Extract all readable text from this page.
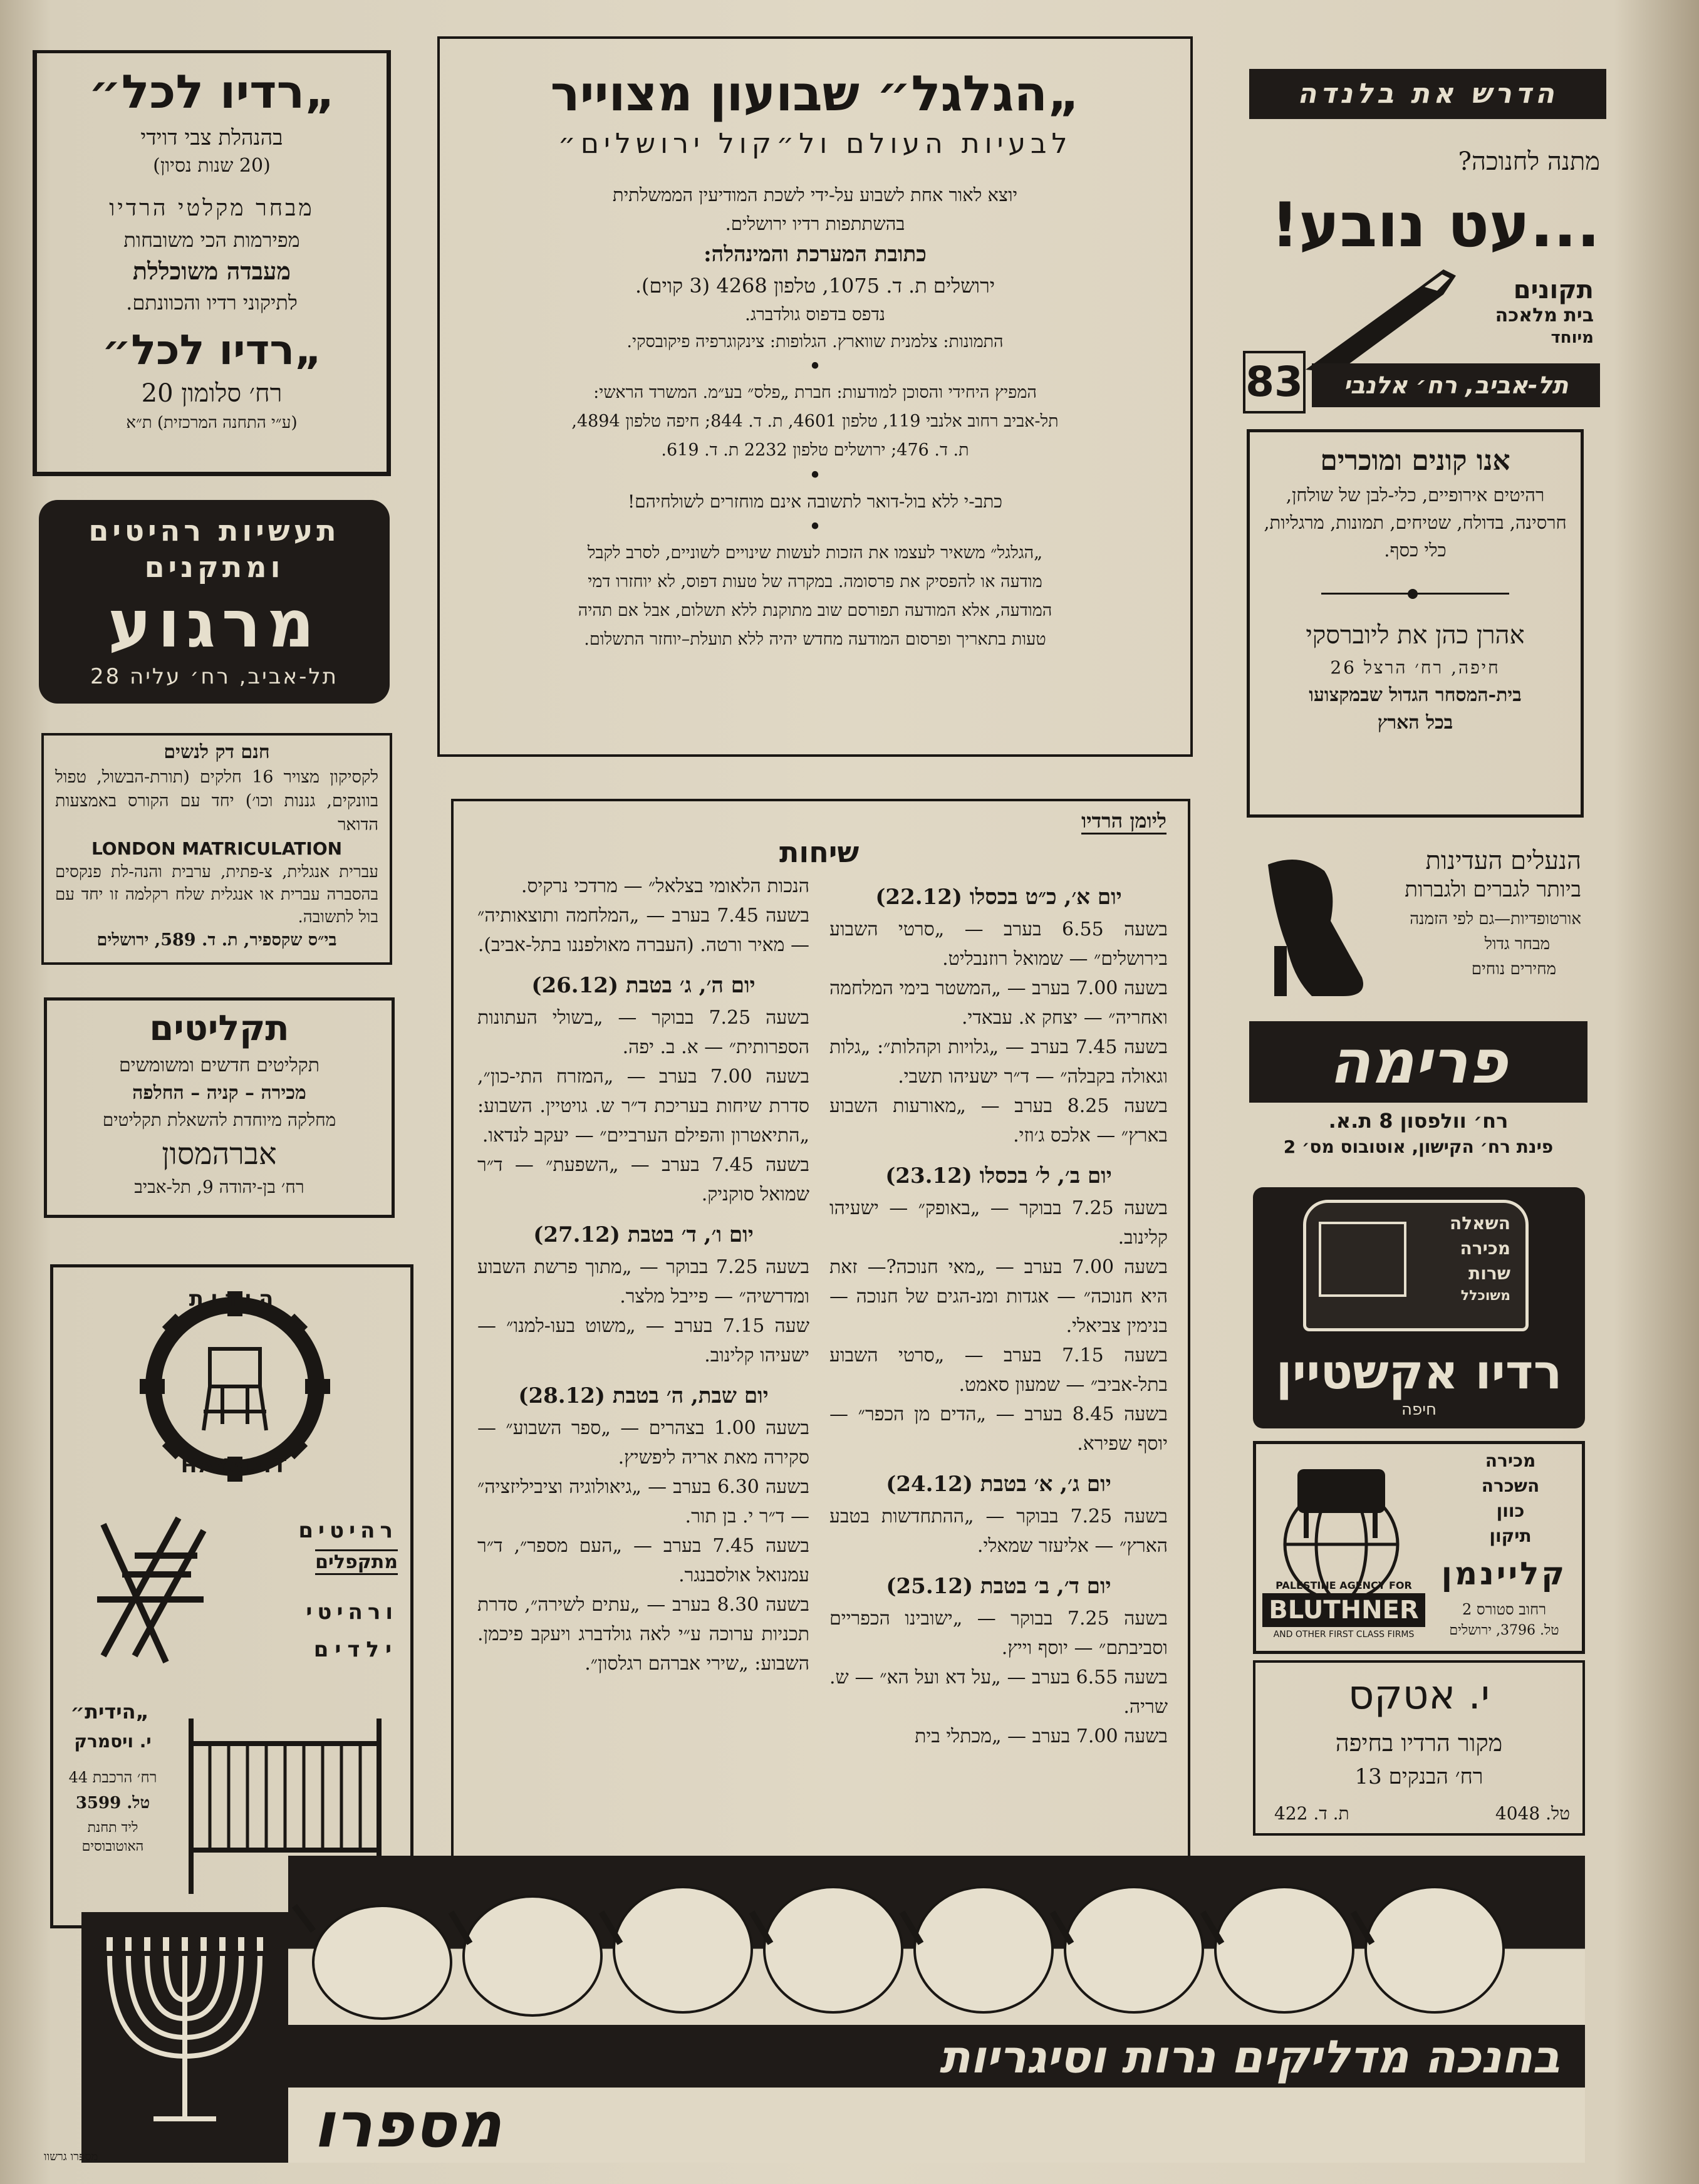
„רדיו לכל״
בהנהלת צבי דוידי
(20 שנות נסיון)
מבחר מקלטי הרדיו
מפירמות הכי משובחות
מעבדה משוכללת
לתיקוני רדיו והכוונתם.
„רדיו לכל״
רח׳ סלומון 20
(ע״י התחנה המרכזית) ת״א
תעשיות רהיטים
ומתקנים
מרגוע
תל-אביב, רח׳ עליה 28
חנם דק לנשים
לקסיקון מצויר 16 חלקים (תורת-הבשול, טפול בוונקים, גננות וכו׳) יחד עם הקורס באמצעות הדואר
LONDON MATRICULATION
עברית אנגלית, צ-פתית, ערבית והנה-לת פנקסים בהסברה עברית או אנגלית שלח רקלמה זו יחד עם בול לתשובה.
בי״ס שקספיר, ת. ד. 589, ירושלים
תקליטים
תקליטים חדשים ומשומשים
מכירה – קניה – החלפה
מחלקה מיוחדת להשאלת תקליטים
אברהמסון
רח׳ בן-יהודה 9, תל-אביב
HAYADIT
הידית
רהיטים
מתקפלים
ורהיטי
ילדים
„הידית״
י. ויסמרק
רח׳ הרכבת 44
טל. 3599
ליד תחנת האוטובוסים
„הגלגל״ שבועון מצוייר
לבעיות העולם ול״קול ירושלים״
יוצא לאור אחת לשבוע על-ידי לשכת המודיעין הממשלתית
בהשתתפות רדיו ירושלים.
כתובת המערכת והמינהלה:
ירושלים ת. ד. 1075, טלפון 4268 (3 קוים).
נדפס בדפוס גולדברג.
התמונות: צלמנית שווארץ. הגלופות: צינקוגרפיה פיקובסקי.
•
המפיץ היחידי והסוכן למודעות: חברת „פלס״ בע״מ. המשרד הראשי:
תל-אביב רחוב אלנבי 119, טלפון 4601, ת. ד. 844; חיפה טלפון 4894,
ת. ד. 476; ירושלים טלפון 2232 ת. ד. 619.
•
כתב-י ללא בול-דואר לתשובה אינם מוחזרים לשולחיהם!
•
„הגלגל״ משאיר לעצמו את הזכות לעשות שינויים לשוניים, לסרב לקבל
מודעה או להפסיק את פרסומה. במקרה של טעות דפוס, לא יוחזרו דמי
המודעה, אלא המודעה תפורסם שוב מתוקנת ללא תשלום, אבל אם תהיה
טעות בתאריך ופרסום המודעה מחדש יהיה ללא תועלת–יוחזר התשלום.
ליומן הרדיו
שיחות
יום א׳, כ״ט בכסלו (22.12)
בשעה 6.55 בערב — „סרטי השבוע בירושלים״ — שמואל רוזנבליט.
בשעה 7.00 בערב — „המשטר בימי המלחמה ואחריה״ — יצחק א. עבאדי.
בשעה 7.45 בערב — „גלויות וקהלות״: „גלות וגאולה בקבלה״ — ד״ר ישעיהו תשבי.
בשעה 8.25 בערב — „מאורעות השבוע בארץ״ — אלכס ג׳וזי.
יום ב׳, ל׳ בכסלו (23.12)
בשעה 7.25 בבוקר — „באופק״ — ישעיהו קלינוב.
בשעה 7.00 בערב — „מאי חנוכה?— זאת היא חנוכה״ — אגדות ומנ-הגים של חנוכה — בנימין צביאלי.
בשעה 7.15 בערב — „סרטי השבוע בתל-אביב״ — שמעון סאמט.
בשעה 8.45 בערב — „הדים מן הכפר״ — יוסף שפירא.
יום ג׳, א׳ בטבת (24.12)
בשעה 7.25 בבוקר — „ההתחדשות בטבע הארץ״ — אליעזר שמאלי.
יום ד׳, ב׳ בטבת (25.12)
בשעה 7.25 בבוקר — „ישובינו הכפריים וסביבתם״ — יוסף וייץ.
בשעה 6.55 בערב — „על דא ועל הא״ — ש. שריה.
בשעה 7.00 בערב — „מכתלי בית
הנכות הלאומי בצלאל״ — מרדכי נרקיס.
בשעה 7.45 בערב — „המלחמה ותוצאותיה״ — מאיר ורטה. (העברה מאולפננו בתל-אביב).
יום ה׳, ג׳ בטבת (26.12)
בשעה 7.25 בבוקר — „בשולי העתונות הספרותית״ — א. ב. יפה.
בשעה 7.00 בערב — „המזרח התי-כון״, סדרת שיחות בעריכת ד״ר ש. גויטיין. השבוע: „התיאטרון והפילם הערביים״ — יעקב לנדאו.
בשעה 7.45 בערב — „השפעת״ — ד״ר שמואל סוקניק.
יום ו׳, ד׳ בטבת (27.12)
בשעה 7.25 בבוקר — „מתוך פרשת השבוע ומדרשיה״ — פייבל מלצר.
שעה 7.15 בערב — „משוט בעו-למנו״ — ישעיהו קלינוב.
יום שבת, ה׳ בטבת (28.12)
בשעה 1.00 בצהרים — „ספר השבוע״ — סקירה מאת אריה ליפשיץ.
בשעה 6.30 בערב — „גיאולוגיה וציביליזציה״ — ד״ר י. בן תור.
בשעה 7.45 בערב — „העם מספר״, ד״ר עמנואל אולסבנגר.
בשעה 8.30 בערב — „עתים לשירה״, סדרת תכניות ערוכה ע״י לאה גולדברג ויעקב פיכמן. השבוע: „שירי אברהם רגלסון״.
הדרש את בלנדה
מתנה לחנוכה?
...עט נובע!
תקונים
בית מלאכה
מיוחד
83	תל-אביב, רח׳ אלנבי
אנו קונים ומוכרים
רהיטים אירופיים, כלי-לבן של שולחן, חרסינה, בדולח, שטיחים, תמונות, מרגליות, כלי כסף.
אהרן כהן את ליוברסקי
חיפה, רח׳ הרצל 26
בית-המסחר הגדול שבמקצועו
בכל הארץ
הנעלים העדינות
ביותר לגברים ולגברות
אורטופדיות—גם לפי הזמנה
מבחר גדול
מחירים נוחים
פרימה
רח׳ וולפסון 8 ת.א.
פינת רח׳ הקישון, אוטובוס מס׳ 2
השאלה
מכירה
שרות
משוכלל
רדיו אקשטיין
חיפה
PALESTINE AGENCY FOR
BLUTHNER
AND OTHER FIRST CLASS FIRMS
מכירה
השכרה
כוון
תיקון
קליינמן
רחוב סטורס 2
טל. 3796, ירושלים
י. אטקס
מקור הרדיו בחיפה
רח׳ הבנקים 13
טל. 4048
ת. ד. 422
בחנכה מדליקים נרות וסיגריות
מספרו
מספרו גרשוו
